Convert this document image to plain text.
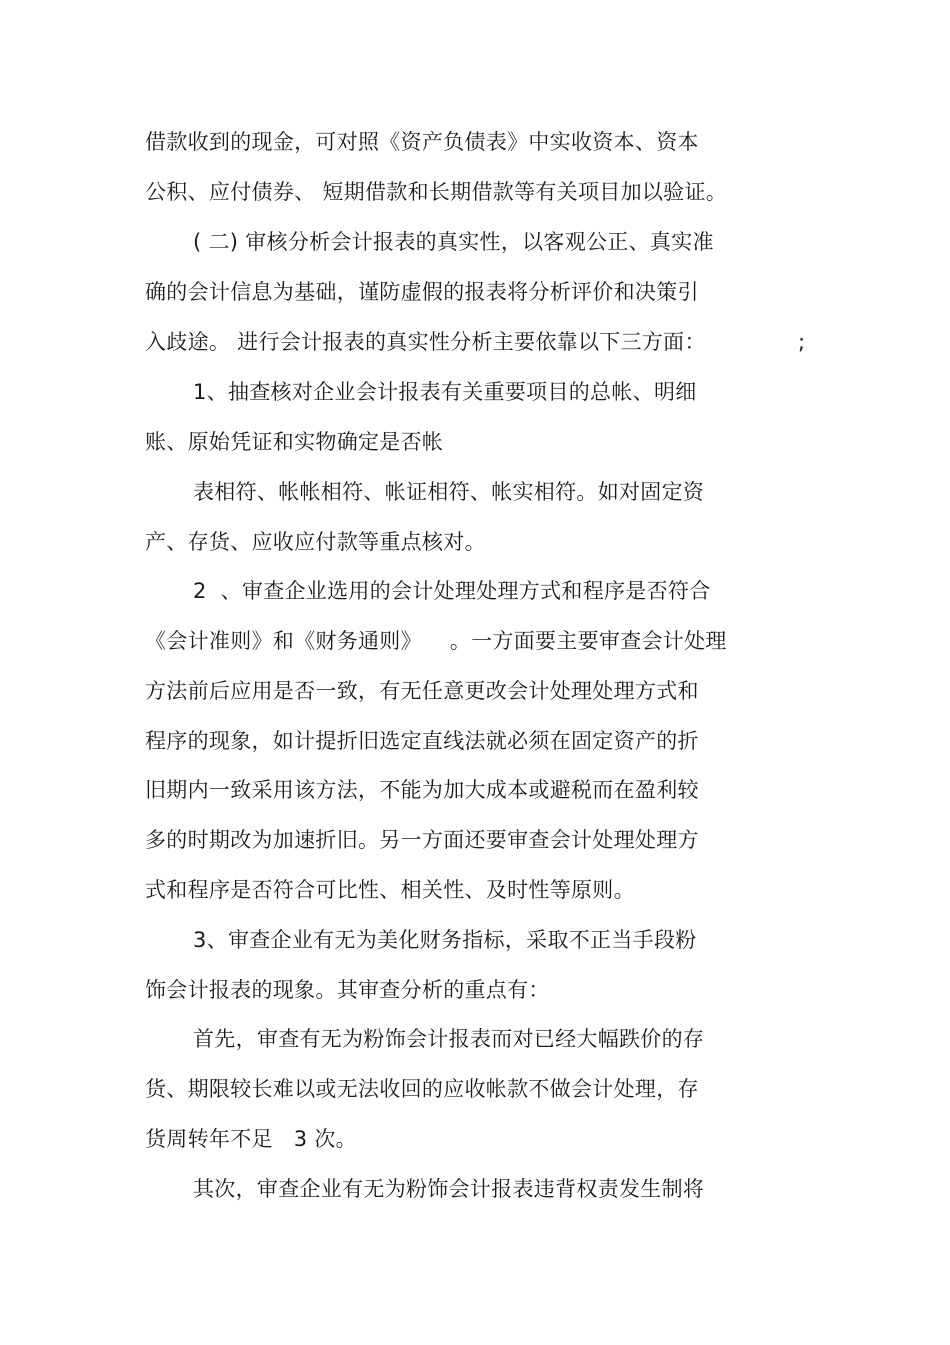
借款收到的现金，可对照《资产负债表》中实收资本、资本
公积、应付债券、 短期借款和长期借款等有关项目加以验证。
( 二) 审核分析会计报表的真实性，以客观公正、真实准
确的会计信息为基础，谨防虚假的报表将分析评价和决策引
入歧途。 进行会计报表的真实性分析主要依靠以下三方面：	;
1、抽查核对企业会计报表有关重要项目的总帐、明细
账、原始凭证和实物确定是否帐
表相符、帐帐相符、帐证相符、帐实相符。如对固定资
产、存货、应收应付款等重点核对。
2  、审查企业选用的会计处理处理方式和程序是否符合
《会计准则》和《财务通则》    。一方面要主要审查会计处理
方法前后应用是否一致，有无任意更改会计处理处理方式和
程序的现象，如计提折旧选定直线法就必须在固定资产的折
旧期内一致采用该方法，不能为加大成本或避税而在盈利较
多的时期改为加速折旧。另一方面还要审查会计处理处理方
式和程序是否符合可比性、相关性、及时性等原则。
3、审查企业有无为美化财务指标，采取不正当手段粉
饰会计报表的现象。其审查分析的重点有：
首先，审查有无为粉饰会计报表而对已经大幅跌价的存
货、期限较长难以或无法收回的应收帐款不做会计处理，存
货周转年不足   3 次。
其次，审查企业有无为粉饰会计报表违背权责发生制将
